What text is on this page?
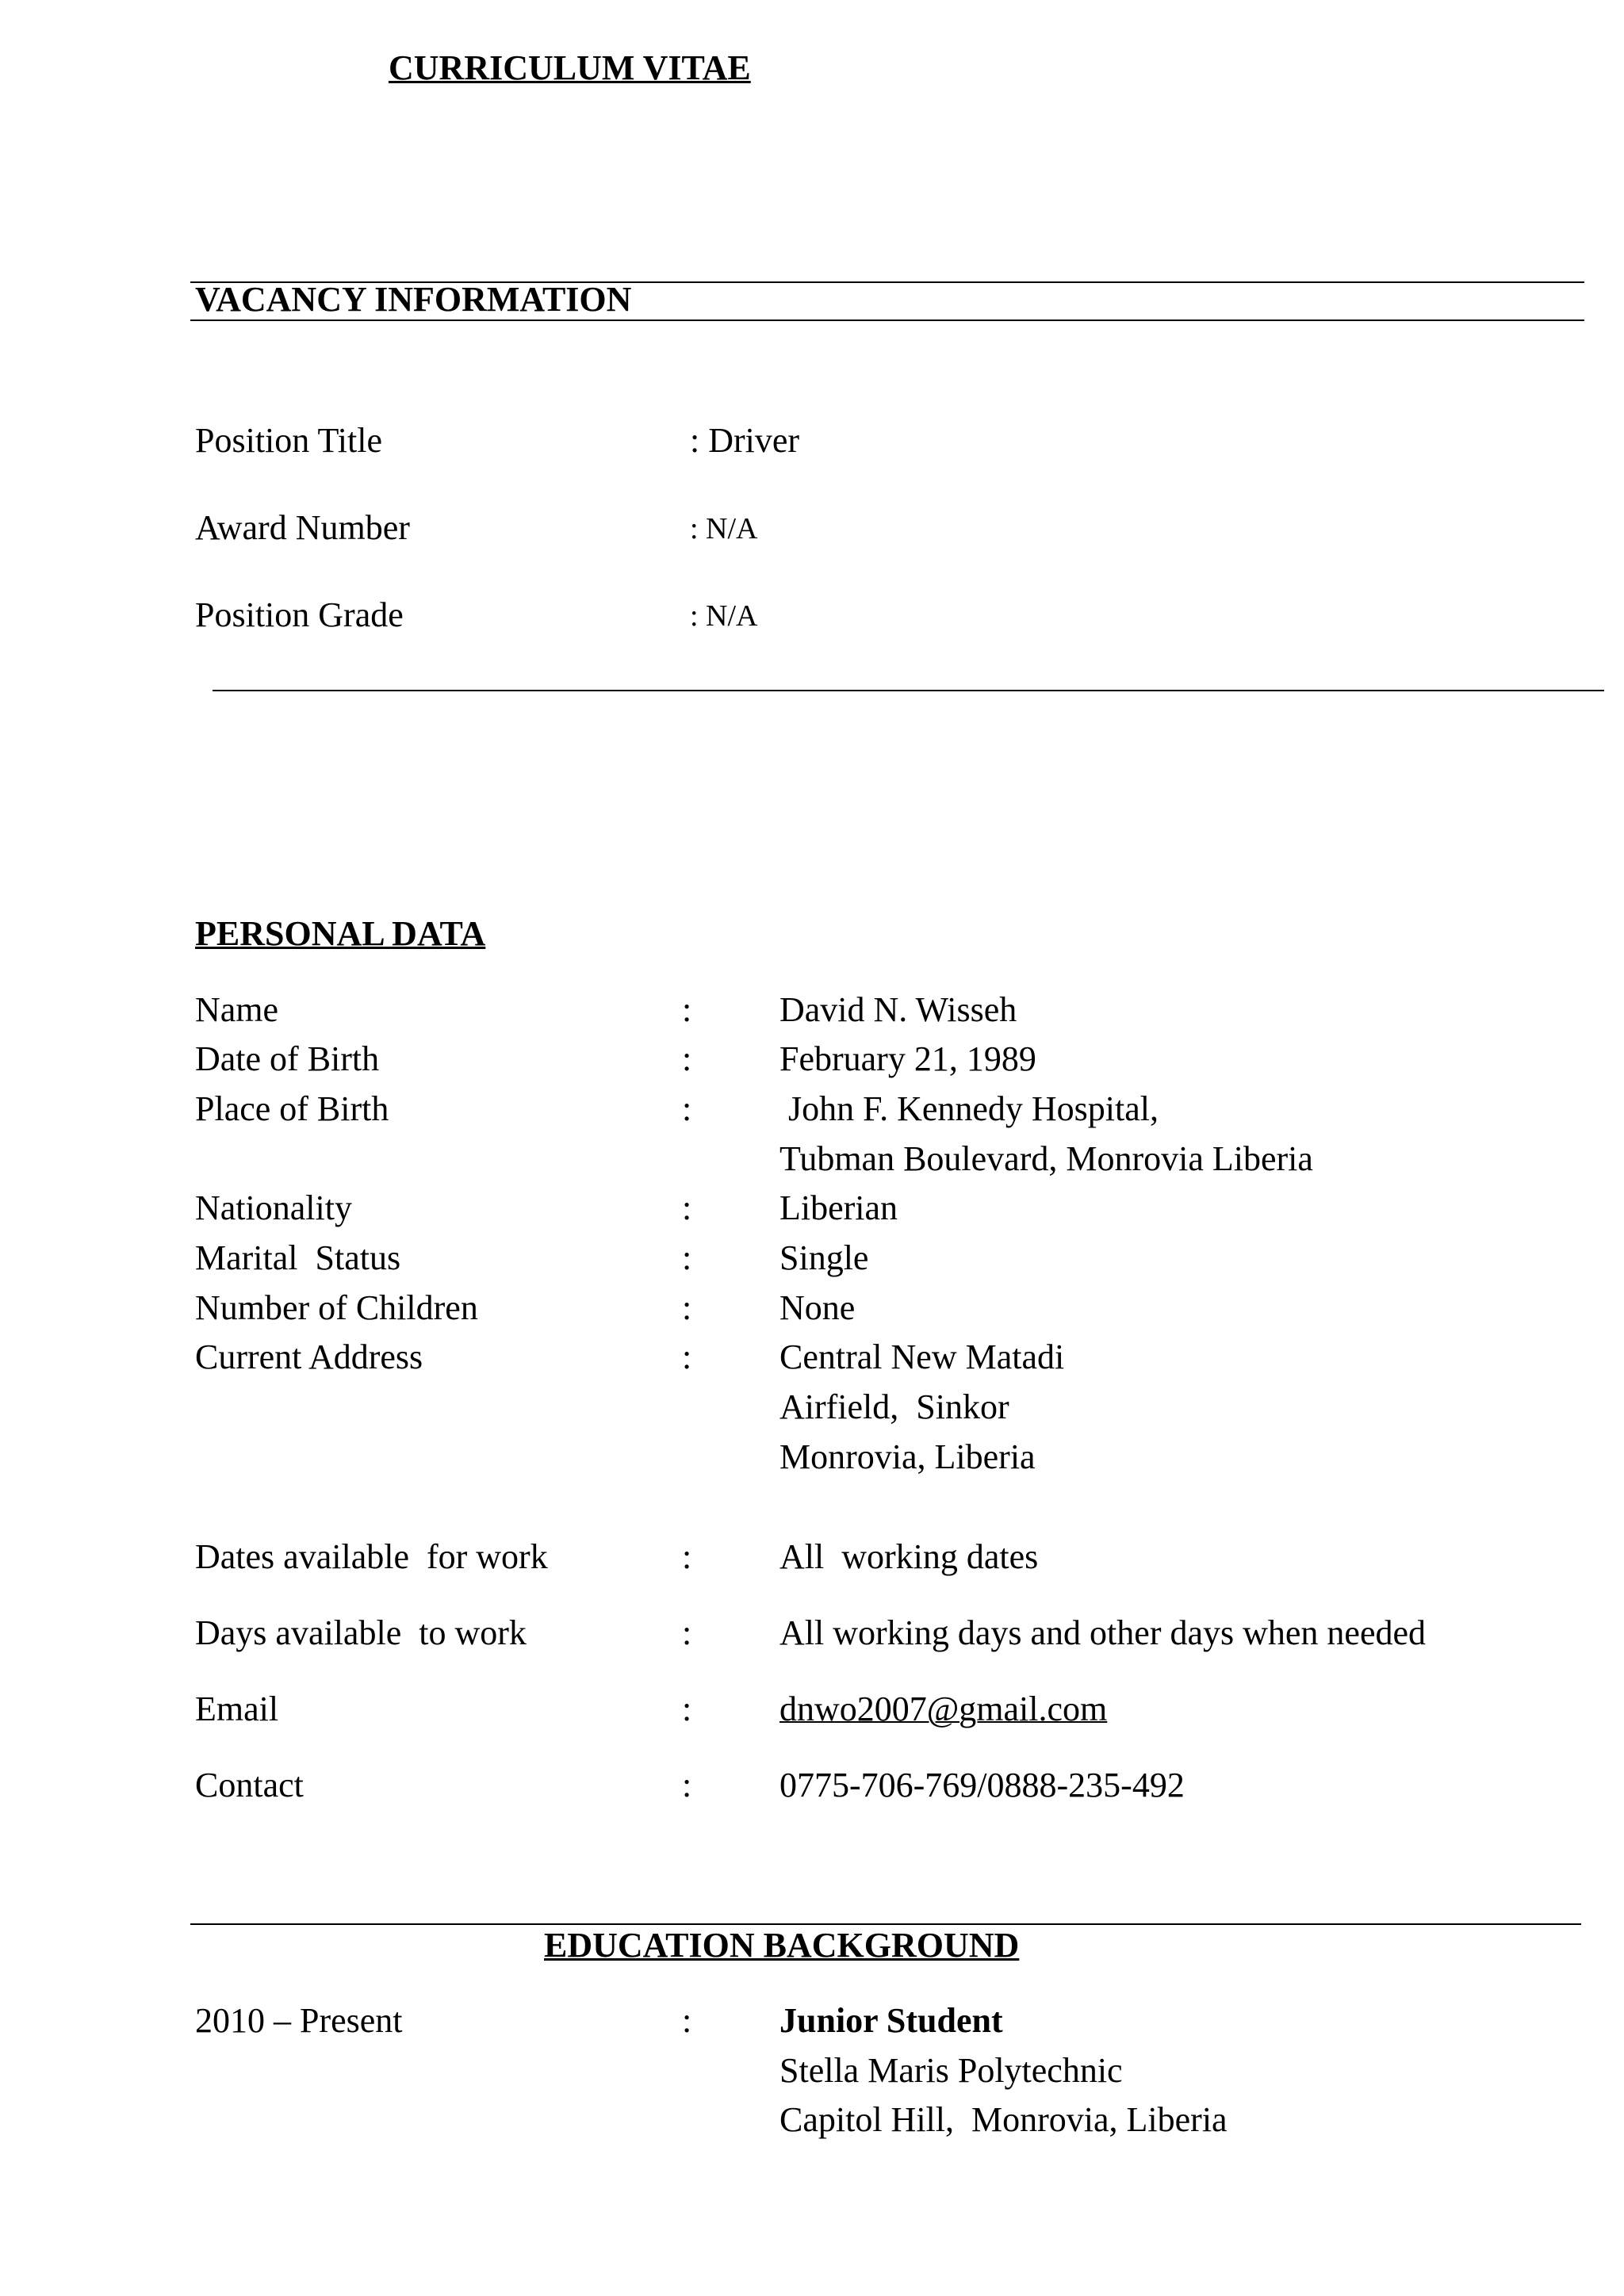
CURRICULUM VITAE
VACANCY INFORMATION
Position Title	: Driver
Award Number	: N/A
Position Grade	: N/A
PERSONAL DATA
Name	:	David N. Wisseh
Date of Birth	:	February 21, 1989
Place of Birth	:	John F. Kennedy Hospital,
Tubman Boulevard, Monrovia Liberia
Nationality	:	Liberian
Marital  Status	:	Single
Number of Children	:	None
Current Address	:	Central New Matadi
Airfield,  Sinkor
Monrovia, Liberia
Dates available  for work	:	All  working dates
Days available  to work	:	All working days and other days when needed
Email	:	dnwo2007@gmail.com
Contact	:	0775-706-769/0888-235-492
EDUCATION BACKGROUND
2010 – Present	:	Junior Student
Stella Maris Polytechnic
Capitol Hill,  Monrovia, Liberia
